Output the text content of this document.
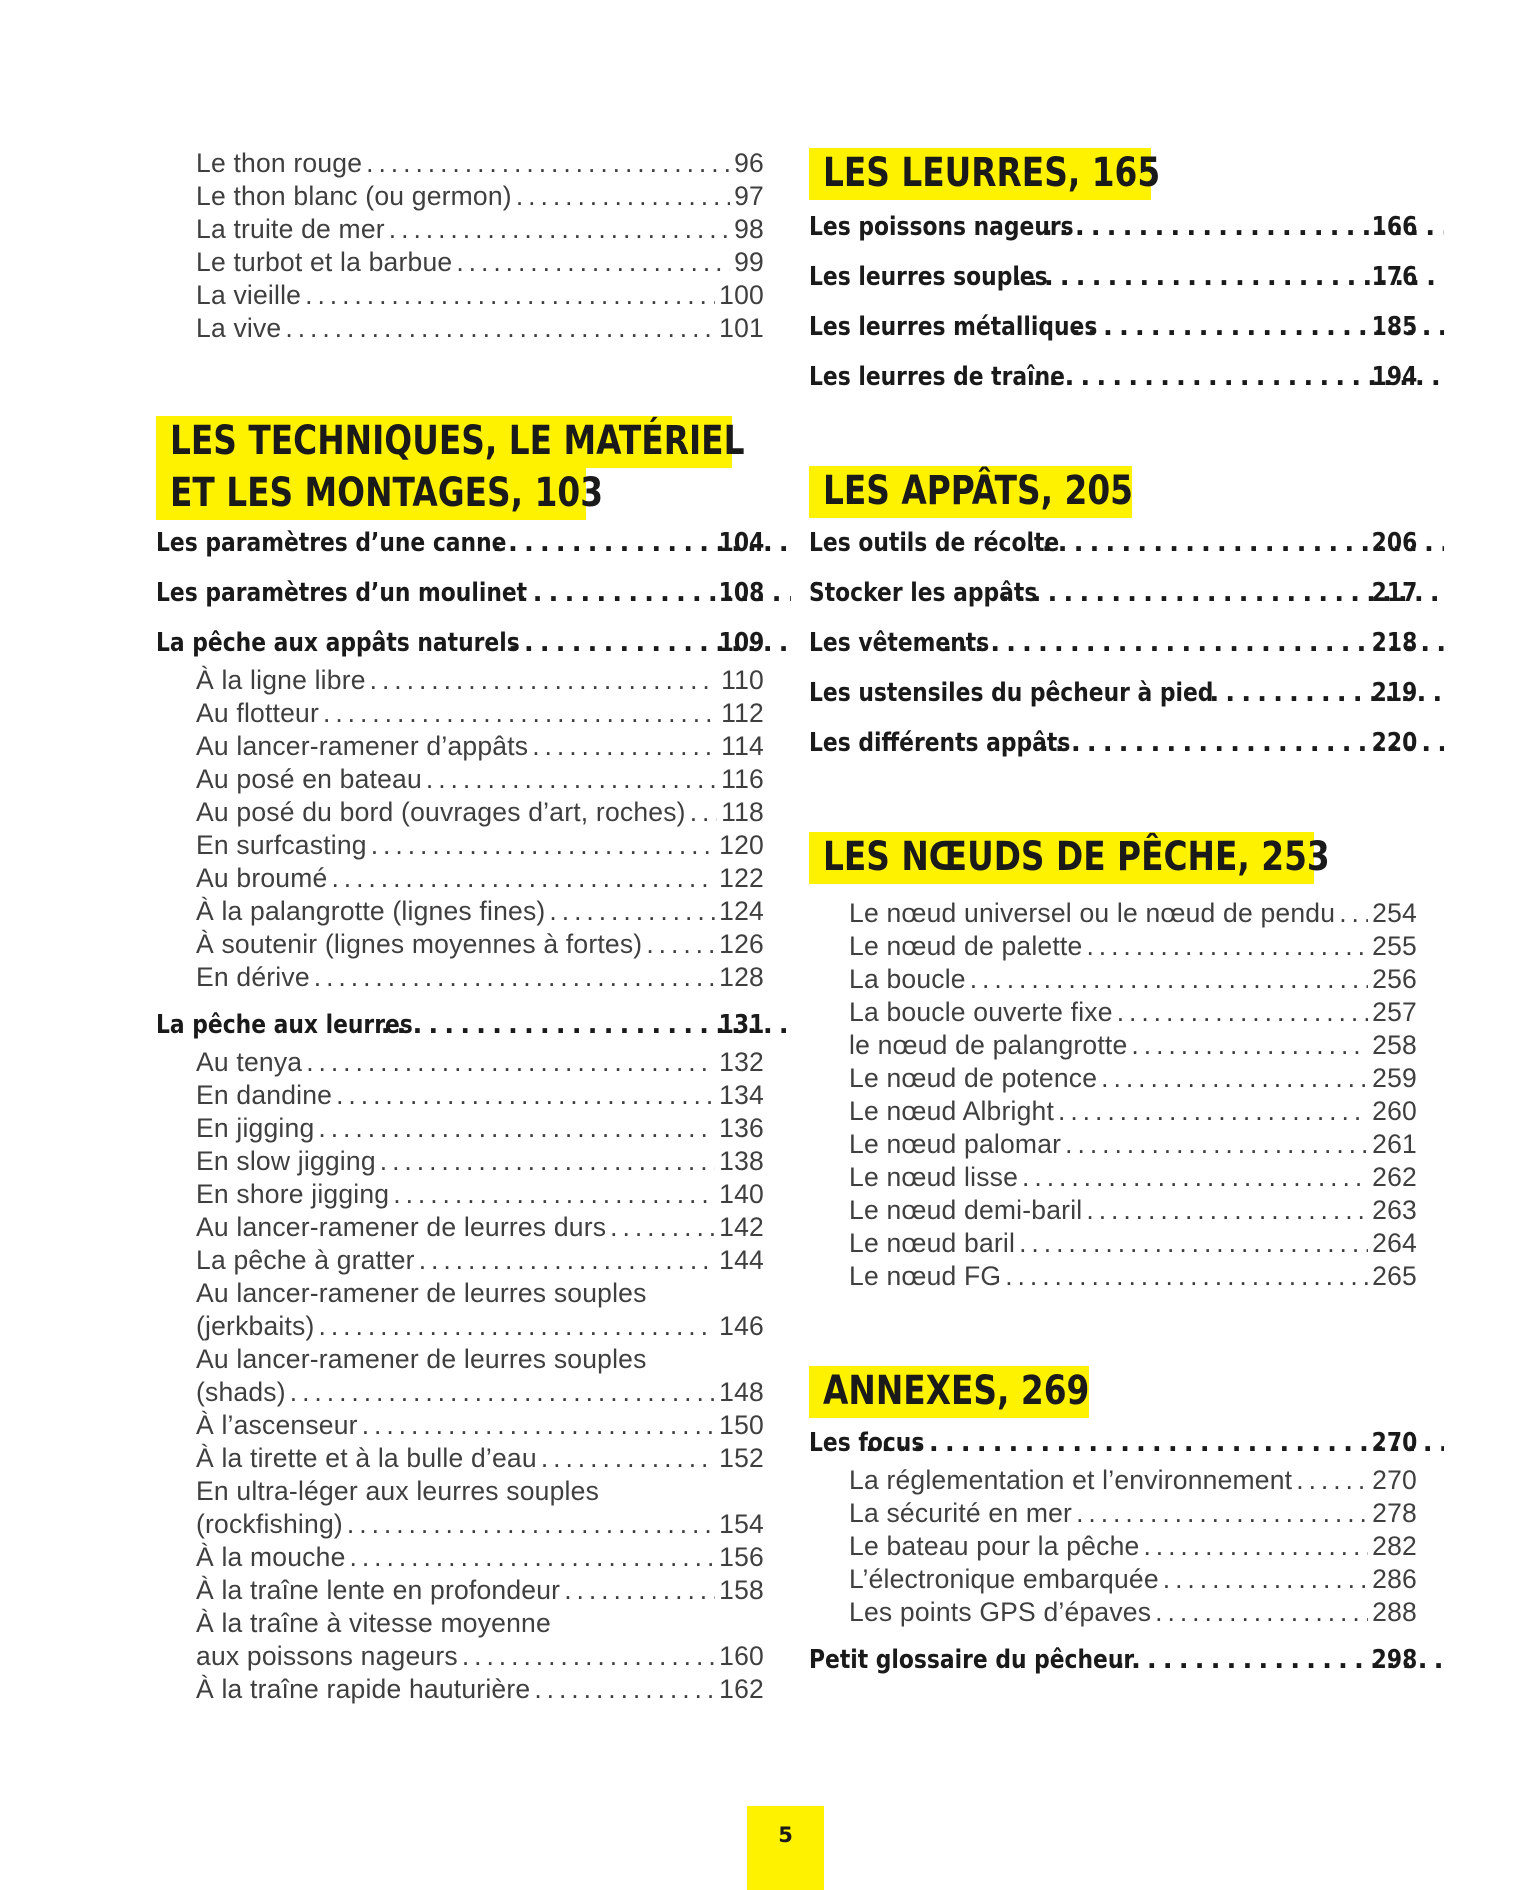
Le thon rouge . . .	96
Le thon blanc (ou germon) . . .	97
La truite de mer . . .	98
Le turbot et la barbue . . .	99
La vieille . . .	100
La vive . . .	101
LES TECHNIQUES, LE MATÉRIEL
ET LES MONTAGES, 103
Les paramètres d’une canne . . .	104
Les paramètres d’un moulinet . . .	108
La pêche aux appâts naturels . . .	109
À la ligne libre . . .	110
Au flotteur . . .	112
Au lancer-ramener d’appâts . . .	114
Au posé en bateau . . .	116
Au posé du bord (ouvrages d’art, roches) . . . 118
En surfcasting . . .	120
Au broumé . . .	122
À la palangrotte (lignes fines) . . .	124
À soutenir (lignes moyennes à fortes) . . .	126
En dérive . . .	128
La pêche aux leurres . . .	131
Au tenya . . .	132
En dandine . . .	134
En jigging . . .	136
En slow jigging . . .	138
En shore jigging . . .	140
Au lancer-ramener de leurres durs . . .	142
La pêche à gratter . . .	144
Au lancer-ramener de leurres souples
(jerkbaits) . . .	146
Au lancer-ramener de leurres souples
(shads) . . .	148
À l’ascenseur . . .	150
À la tirette et à la bulle d’eau . . .	152
En ultra-léger aux leurres souples
(rockfishing) . . .	154
À la mouche . . .	156
À la traîne lente en profondeur . . .	158
À la traîne à vitesse moyenne
aux poissons nageurs . . .	160
À la traîne rapide hauturière . . .	162
LES LEURRES, 165
Les poissons nageurs . . .	166
Les leurres souples . . .	176
Les leurres métalliques . . .	185
Les leurres de traîne . . .	194
LES APPÂTS, 205
Les outils de récolte . . .	206
Stocker les appâts . . .	217
Les vêtements . . .	218
Les ustensiles du pêcheur à pied . . .	219
Les différents appâts . . .	220
LES NŒUDS DE PÊCHE, 253
Le nœud universel ou le nœud de pendu . . . 254
Le nœud de palette . . .	255
La boucle . . .	256
La boucle ouverte fixe . . .	257
le nœud de palangrotte . . .	258
Le nœud de potence . . .	259
Le nœud Albright . . .	260
Le nœud palomar . . .	261
Le nœud lisse . . .	262
Le nœud demi-baril . . .	263
Le nœud baril . . .	264
Le nœud FG . . .	265
ANNEXES, 269
Les focus . . .	270
La réglementation et l’environnement . . .	270
La sécurité en mer . . .	278
Le bateau pour la pêche . . .	282
L’électronique embarquée . . .	286
Les points GPS d’épaves . . .	288
Petit glossaire du pêcheur . . .	298
5
